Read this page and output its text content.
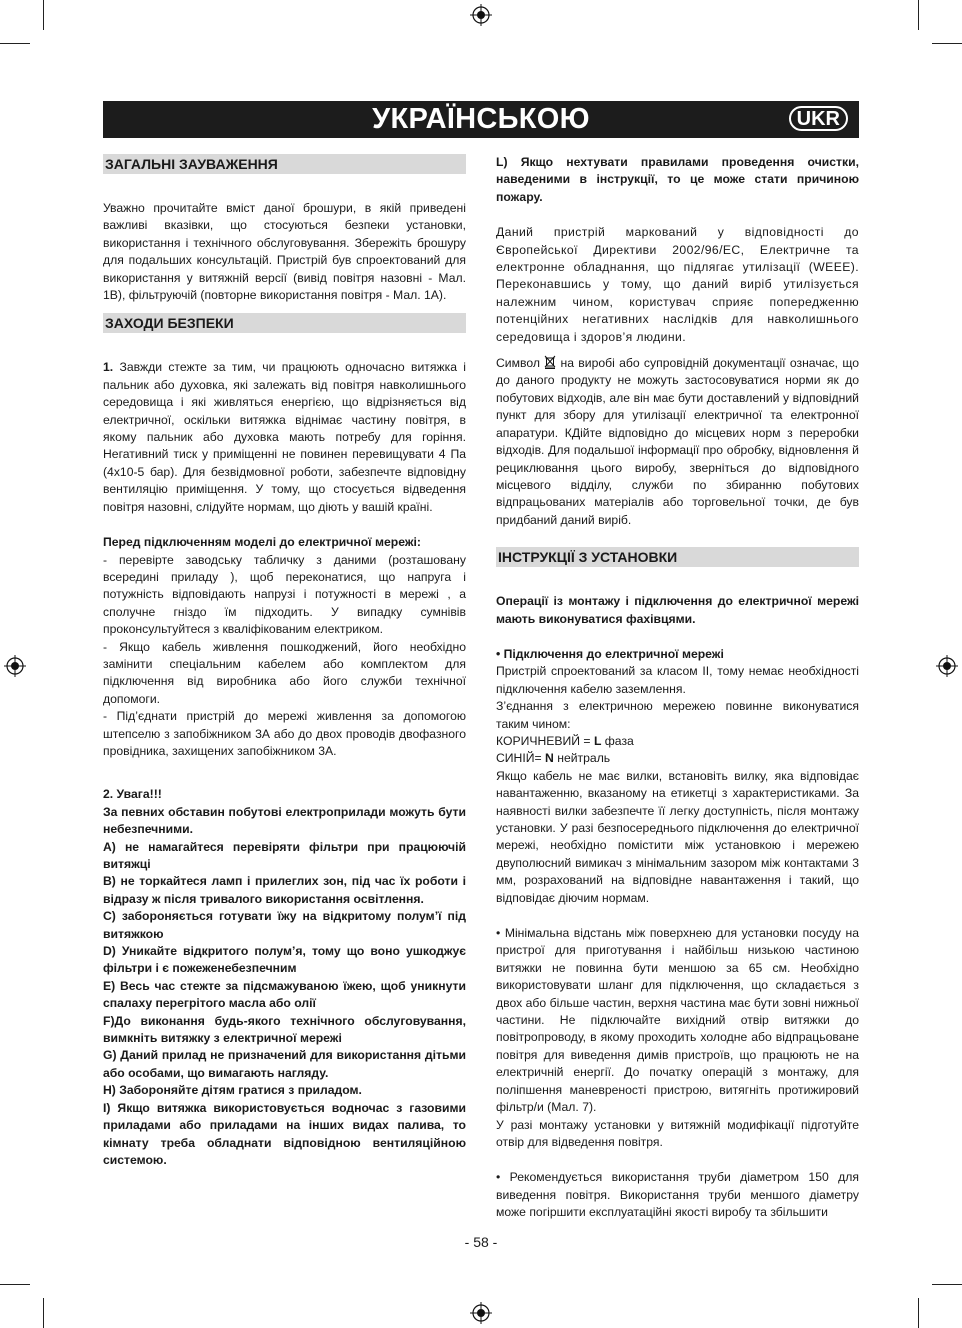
УКРАЇНСЬКОЮ	UKR
ЗАГАЛЬНІ ЗАУВАЖЕННЯ

Уважно прочитайте вміст даної брошури, в якій приведені важливі вказівки, що стосуються безпеки установки, використання і технічного обслуговування. Збережіть брошуру для подальших консультацій. Пристрій був спроектований для використання у витяжній версії (вивід повітря назовні - Мал. 1B), фільтруючій (повторне використання повітря - Мал. 1A).

ЗАХОДИ БЕЗПЕКИ

1. Завжди стежте за тим, чи працюють одночасно витяжка і пальник або духовка, які залежать від повітря навколишнього середовища і які живляться енергією, що відрізняється від електричної, оскільки витяжка віднімає частину повітря, в якому пальник або духовка мають потребу для горіння. Негативний тиск у приміщенні не повинен перевищувати 4 Па (4x10-5 бар). Для безвідмовної роботи, забезпечте відповідну вентиляцію приміщення. У тому, що стосується відведення повітря назовні, слідуйте нормам, що діють у вашій країні.

Перед підключенням моделі до електричної мережі:

- перевірте заводську табличку з даними (розташовану всередині приладу ), щоб переконатися, що напруга і потужність відповідають напрузі і потужності в мережі , а сполучне гніздо їм підходить. У випадку сумнівів проконсультуйтеся з кваліфікованим електриком.

- Якщо кабель живлення пошкоджений, його необхідно замінити спеціальним кабелем або комплектом для підключення від виробника або його служби технічної допомоги.

- Під’єднати пристрій до мережі живлення за допомогою штепселю з запобіжником 3А або до двох проводів двофазного провідника, захищених запобіжником 3А.

2. Увага!!!

За певних обставин побутові електроприлади можуть бути небезпечними.

A) не намагайтеся перевіряти фільтри при працюючій витяжці

B) не торкайтеся ламп і прилеглих зон, під час їх роботи і відразу ж після тривалого використання освітлення.

C) забороняється готувати їжу на відкритому полум’ї під витяжкою

D) Уникайте відкритого полум’я, тому що воно ушкоджує фільтри і є пожеженебезпечним

E) Весь час стежте за підсмажуваною їжею, щоб уникнути спалаху перегрітого масла або олії

F)До виконання будь-якого технічного обслуговування, вимкніть витяжку з електричної мережі

G) Даний прилад не призначений для використання дітьми або особами, що вимагають нагляду.

H) Забороняйте дітям гратися з приладом.

I) Якщо витяжка використовується водночас з газовими приладами або приладами на інших видах палива, то кімнату треба обладнати відповідною вентиляційною системою.

L) Якщо нехтувати правилами проведення очистки, наведеними в інструкції, то це може стати причиною пожару.

Даний пристрій маркований у відповідності до Європейської Директиви 2002/96/EC, Електричне та електронне обладнання, що підлягає утилізації (WEEE). Переконавшись у тому, що даний виріб утилізується належним чином, користувач сприяє попередженню потенційних негативних наслідків для навколишнього середовища і здоров’я людини.

Символ на виробі або супровідній документації означає, що до даного продукту не можуть застосовуватися норми як до побутових відходів, але він має бути доставлений у відповідний пункт для збору для утилізації електричної та електронної апаратури. КДійте відповідно до місцевих норм з переробки відходів. Для подальшої інформації про обробку, відновлення й рециклювання цього виробу, зверніться до відповідного місцевого відділу, служби по збиранню побутових відпрацьованих матеріалів або торговельної точки, де був придбаний даний виріб.

ІНСТРУКЦІЇ З УСТАНОВКИ

Операції із монтажу і підключення до електричної мережі мають виконуватися фахівцями.

• Підключення до електричної мережі

Пристрій спроектований за класом II, тому немає необхідності підключення кабелю заземлення.

З’єднання з електричною мережею повинне виконуватися таким чином:

КОРИЧНЕВИЙ = L фаза

СИНІЙ= N нейтраль

Якщо кабель не має вилки, встановіть вилку, яка відповідає навантаженню, вказаному на етикетці з характеристиками. За наявності вилки забезпечте її легку доступність, після монтажу установки. У разі безпосереднього підключення до електричної мережі, необхідно помістити між установкою і мережею двуполюсний вимикач з мінімальним зазором між контактами 3 мм, розрахований на відповідне навантаження і такий, що відповідає діючим нормам.

• Мінімальна відстань між поверхнею для установки посуду на пристрої для приготування і найбільш низькою частиною витяжки не повинна бути меншою за 65 см. Необхідно використовувати шланг для підключення, що складається з двох або більше частин, верхня частина має бути зовні нижньої частини. Не підключайте вихідний отвір витяжки до повітропроводу, в якому проходить холодне або відпрацьоване повітря для виведення димів пристроїв, що працюють не на електричній енергії. До початку операцій з монтажу, для поліпшення маневреності пристрою, витягніть протижировий фільтр/и (Мал. 7).

У разі монтажу установки у витяжній модифікації підготуйте отвір для відведення повітря.

• Рекомендується використання труби діаметром 150 для виведення повітря. Використання труби меншого діаметру може погіршити експлуатаційні якості виробу та збільшити

- 58 -
